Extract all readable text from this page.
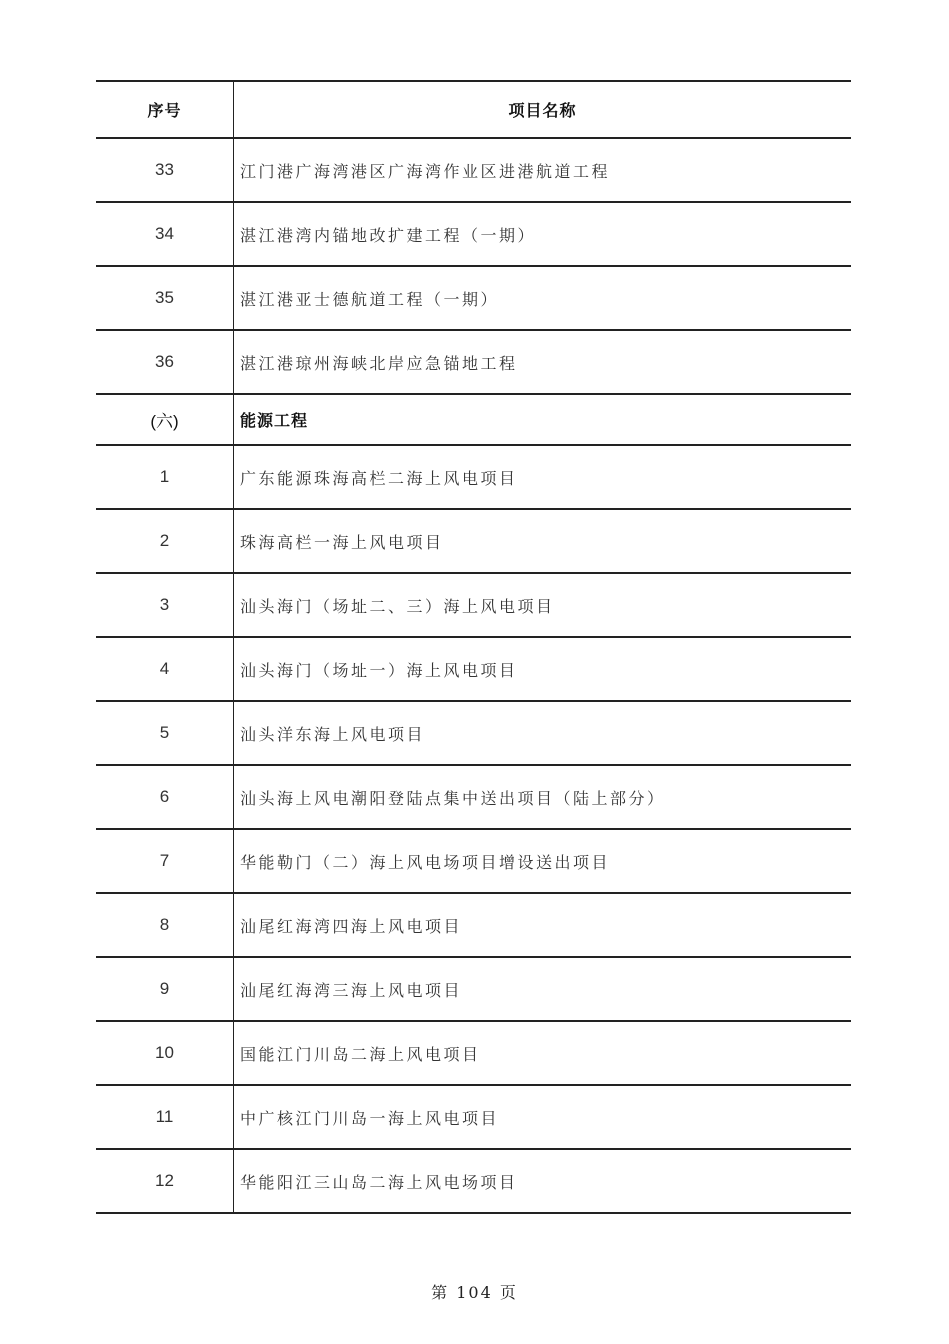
序号	项目名称
33	江门港广海湾港区广海湾作业区进港航道工程
34	湛江港湾内锚地改扩建工程（一期）
35	湛江港亚士德航道工程（一期）
36	湛江港琼州海峡北岸应急锚地工程
(六)	能源工程
1	广东能源珠海高栏二海上风电项目
2	珠海高栏一海上风电项目
3	汕头海门（场址二、三）海上风电项目
4	汕头海门（场址一）海上风电项目
5	汕头洋东海上风电项目
6	汕头海上风电潮阳登陆点集中送出项目（陆上部分）
7	华能勒门（二）海上风电场项目增设送出项目
8	汕尾红海湾四海上风电项目
9	汕尾红海湾三海上风电项目
10	国能江门川岛二海上风电项目
11	中广核江门川岛一海上风电项目
12	华能阳江三山岛二海上风电场项目
第 104 页
